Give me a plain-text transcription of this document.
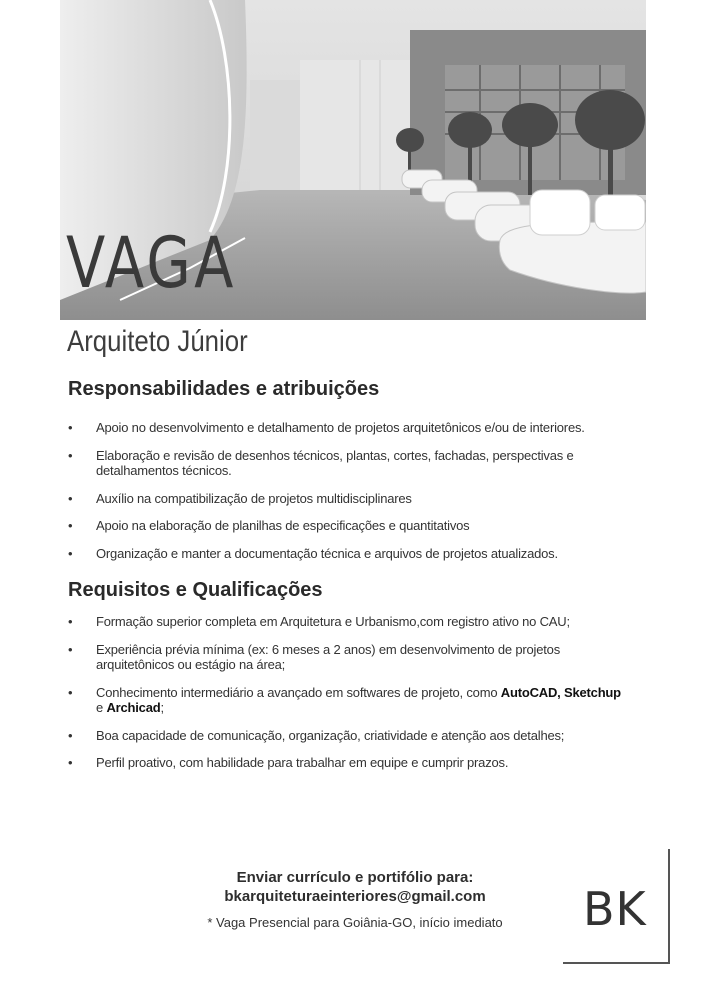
VAGA
Arquiteto Júnior
Responsabilidades e atribuições
• Apoio no desenvolvimento e detalhamento de projetos arquitetônicos e/ou de interiores.
• Elaboração e revisão de desenhos técnicos, plantas, cortes, fachadas, perspectivas e detalhamentos técnicos.
• Auxílio na compatibilização de projetos multidisciplinares
• Apoio na elaboração de planilhas de especificações e quantitativos
• Organização e manter a documentação técnica e arquivos de projetos atualizados.
Requisitos e Qualificações
• Formação superior completa em Arquitetura e Urbanismo,com registro ativo no CAU;
• Experiência prévia mínima (ex: 6 meses a 2 anos) em desenvolvimento de projetos arquitetônicos ou estágio na área;
• Conhecimento intermediário a avançado em softwares de projeto, como AutoCAD, Sketchup e Archicad;
• Boa capacidade de comunicação, organização, criatividade e atenção aos detalhes;
• Perfil proativo, com habilidade para trabalhar em equipe e cumprir prazos.
Enviar currículo e portifólio para:
bkarquiteturaeinteriores@gmail.com
* Vaga Presencial para Goiânia-GO, início imediato	BK
